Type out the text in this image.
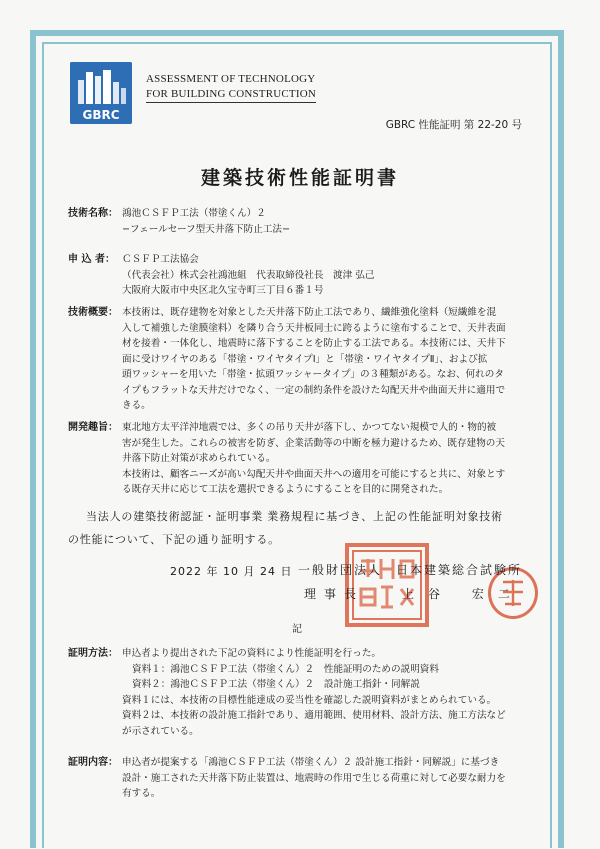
GBRC
ASSESSMENT OF TECHNOLOGY
FOR BUILDING CONSTRUCTION
GBRC 性能証明 第 22-20 号
建築技術性能証明書
技術名称： 鴻池ＣＳＦＰ工法（帯塗くん）２

−フェールセーフ型天井落下防止工法−

申 込 者： ＣＳＦＰ工法協会

（代表会社）株式会社鴻池組　代表取締役社長　渡津 弘己

大阪府大阪市中央区北久宝寺町三丁目６番１号

技術概要： 本技術は、既存建物を対象とした天井落下防止工法であり、繊維強化塗料（短繊維を混

入して補強した塗膜塗料）を隣り合う天井板同士に跨るように塗布することで、天井表面

材を接着・一体化し、地震時に落下することを防止する工法である。本技術には、天井下

面に受けワイヤのある「帯塗・ワイヤタイプⅠ」と「帯塗・ワイヤタイプⅡ」、および拡

頭ワッシャーを用いた「帯塗・拡頭ワッシャータイプ」の３種類がある。なお、何れのタ

イプもフラットな天井だけでなく、一定の制約条件を設けた勾配天井や曲面天井に適用で

きる。

開発趣旨： 東北地方太平洋沖地震では、多くの吊り天井が落下し、かつてない規模で人的・物的被

害が発生した。これらの被害を防ぎ、企業活動等の中断を極力避けるため、既存建物の天

井落下防止対策が求められている。

本技術は、顧客ニーズが高い勾配天井や曲面天井への適用を可能にすると共に、対象とす

る既存天井に応じて工法を選択できるようにすることを目的に開発された。

当法人の建築技術認証・証明事業 業務規程に基づき、上記の性能証明対象技術
の性能について、下記の通り証明する。
2022 年 10 月 24 日 一般財団法人　日本建築総合試験所
理事長	上谷 宏二
記
証明方法： 申込者より提出された下記の資料により性能証明を行った。

資料１：鴻池ＣＳＦＰ工法（帯塗くん）２　性能証明のための説明資料

資料２：鴻池ＣＳＦＰ工法（帯塗くん）２　設計施工指針・同解説

資料１には、本技術の目標性能達成の妥当性を確認した説明資料がまとめられている。

資料２は、本技術の設計施工指針であり、適用範囲、使用材料、設計方法、施工方法など

が示されている。

証明内容： 申込者が提案する「鴻池ＣＳＦＰ工法（帯塗くん）２ 設計施工指針・同解説」に基づき

設計・施工された天井落下防止装置は、地震時の作用で生じる荷重に対して必要な耐力を

有する。
